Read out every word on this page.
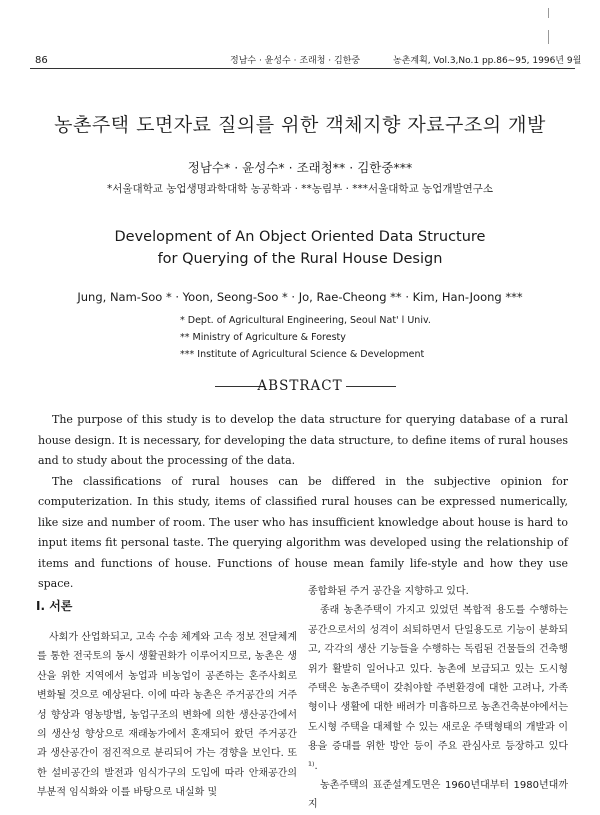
86	정남수 · 윤성수 · 조래청 · 김한중	농촌계획, Vol.3,No.1 pp.86∼95, 1996년 9월
농촌주택 도면자료 질의를 위한 객체지향 자료구조의 개발
정남수* · 윤성수* · 조래청** · 김한중***
*서울대학교 농업생명과학대학 농공학과 · **농림부 · ***서울대학교 농업개발연구소
Development of An Object Oriented Data Structure
for Querying of the Rural House Design
Jung, Nam-Soo * · Yoon, Seong-Soo * · Jo, Rae-Cheong ** · Kim, Han-Joong ***
* Dept. of Agricultural Engineering, Seoul Nat' l Univ.
** Ministry of Agriculture & Foresty
*** Institute of Agricultural Science & Development
ABSTRACT

The purpose of this study is to develop the data structure for querying database of a rural house design. It is necessary, for developing the data structure, to define items of rural houses and to study about the processing of the data.

The classifications of rural houses can be differed in the subjective opinion for computerization. In this study, items of classified rural houses can be expressed numerically, like size and number of room. The user who has insufficient knowledge about house is hard to input items fit personal taste. The querying algorithm was developed using the relationship of items and functions of house. Functions of house mean family life-style and how they use space.

I. 서론

사회가 산업화되고, 고속 수송 체계와 고속 정보 전달체계를 통한 전국토의 동시 생활권화가 이루어지므로, 농촌은 생산을 위한 지역에서 농업과 비농업이 공존하는 혼주사회로 변화될 것으로 예상된다. 이에 따라 농촌은 주거공간의 거주성 향상과 영농방법, 농업구조의 변화에 의한 생산공간에서의 생산성 향상으로 재래농가에서 혼재되어 왔던 주거공간과 생산공간이 점진적으로 분리되어 가는 경향을 보인다. 또한 설비공간의 발전과 임식가구의 도입에 따라 안채공간의 부분적 임식화와 이를 바탕으로 내실화 및

종합화된 주거 공간을 지향하고 있다.

종래 농촌주택이 가지고 있었던 복합적 용도를 수행하는 공간으로서의 성격이 쇠퇴하면서 단일용도로 기능이 분화되고, 각각의 생산 기능들을 수행하는 독립된 건물들의 건축행위가 활발히 일어나고 있다. 농촌에 보급되고 있는 도시형 주택은 농촌주택이 갖춰야할 주변환경에 대한 고려나, 가족형이나 생활에 대한 배려가 미흡하므로 농촌건축분야에서는 도시형 주택을 대체할 수 있는 새로운 주택형태의 개발과 이용을 증대를 위한 방안 등이 주요 관심사로 등장하고 있다 ¹⁾.

농촌주택의 표준설계도면은 1960년대부터 1980년대까지
